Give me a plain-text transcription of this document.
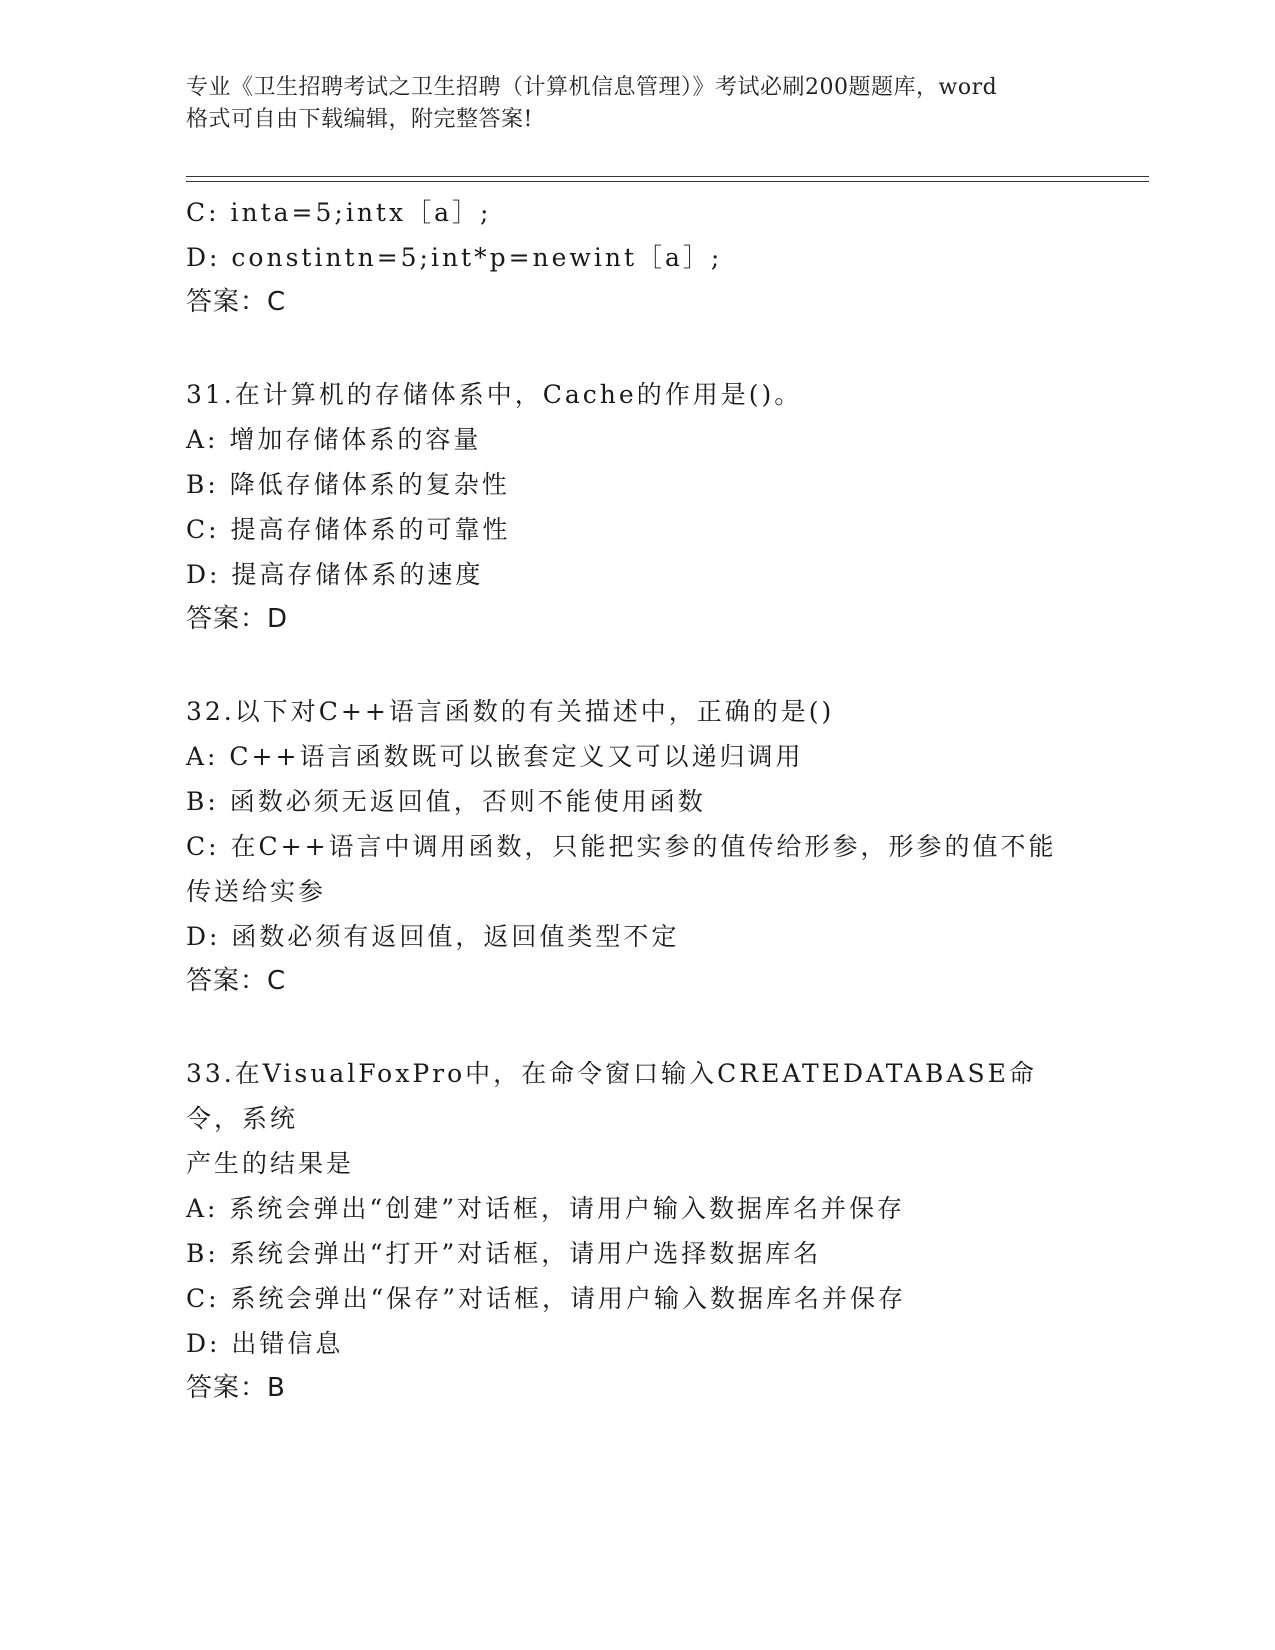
专业《卫生招聘考试之卫生招聘（计算机信息管理）》考试必刷200题题库，word
格式可自由下载编辑，附完整答案!

C: inta=5;intx［a］;

D: constintn=5;int*p=newint［a］;

答案：C

31.在计算机的存储体系中，Cache的作用是()。

A: 增加存储体系的容量

B: 降低存储体系的复杂性

C: 提高存储体系的可靠性

D: 提高存储体系的速度

答案：D

32.以下对C++语言函数的有关描述中，正确的是()

A: C++语言函数既可以嵌套定义又可以递归调用

B: 函数必须无返回值，否则不能使用函数

C: 在C++语言中调用函数，只能把实参的值传给形参，形参的值不能

传送给实参

D: 函数必须有返回值，返回值类型不定

答案：C

33.在VisualFoxPro中，在命令窗口输入CREATEDATABASE命令，系统

产生的结果是

A: 系统会弹出“创建”对话框，请用户输入数据库名并保存

B: 系统会弹出“打开”对话框，请用户选择数据库名

C: 系统会弹出“保存”对话框，请用户输入数据库名并保存

D: 出错信息

答案：B
